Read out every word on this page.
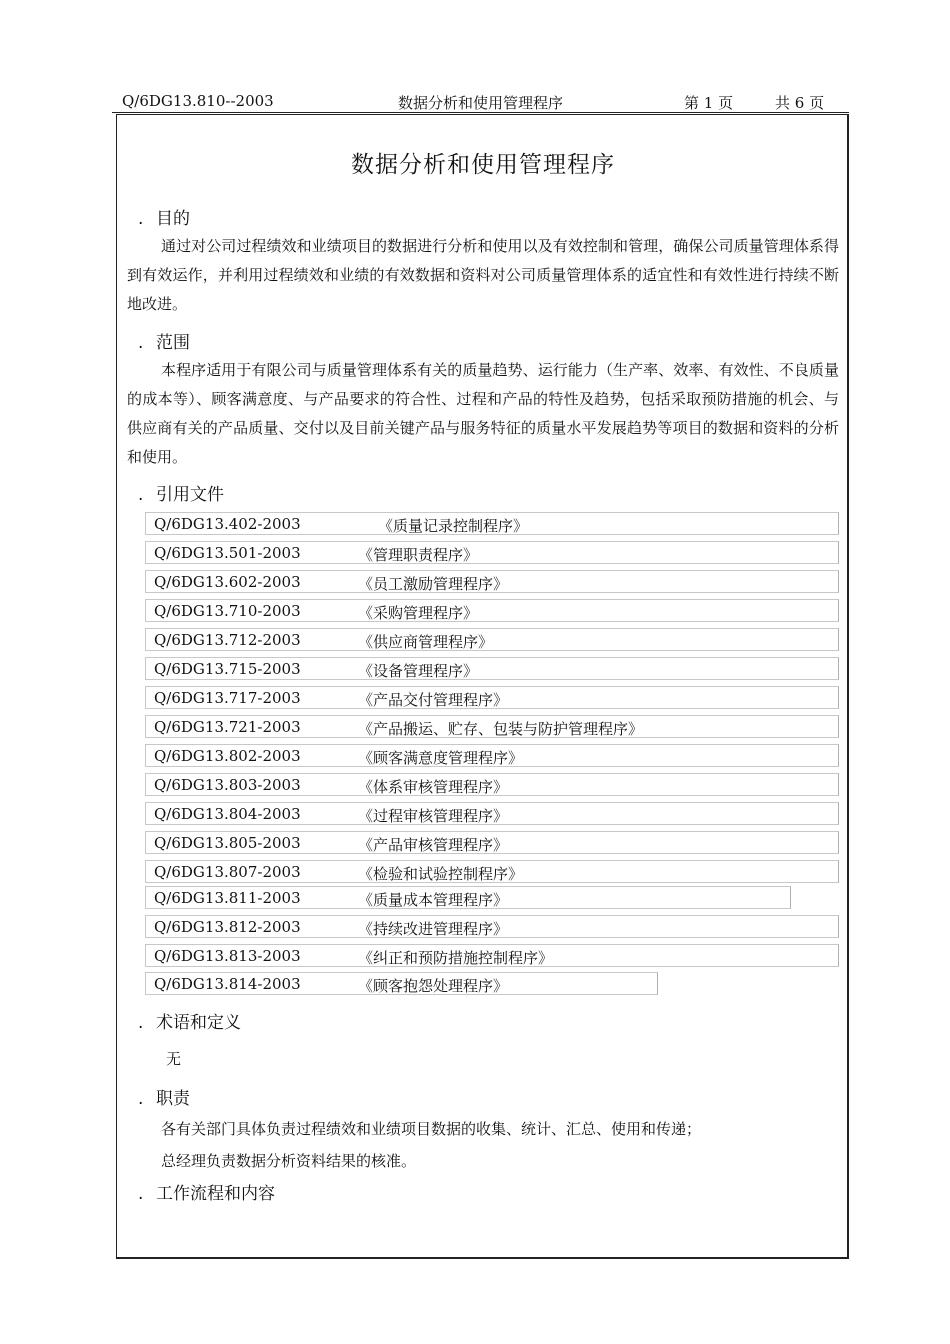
Q/6DG13.810--2003	数据分析和使用管理程序	第 1 页	共 6 页
数据分析和使用管理程序
. 目的

通过对公司过程绩效和业绩项目的数据进行分析和使用以及有效控制和管理，确保公司质量管理体系得到有效运作，并利用过程绩效和业绩的有效数据和资料对公司质量管理体系的适宜性和有效性进行持续不断地改进。

. 范围

本程序适用于有限公司与质量管理体系有关的质量趋势、运行能力（生产率、效率、有效性、不良质量的成本等）、顾客满意度、与产品要求的符合性、过程和产品的特性及趋势，包括采取预防措施的机会、与供应商有关的产品质量、交付以及目前关键产品与服务特征的质量水平发展趋势等项目的数据和资料的分析和使用。

. 引用文件
Q/6DG13.402-2003	《质量记录控制程序》
Q/6DG13.501-2003	《管理职责程序》
Q/6DG13.602-2003	《员工激励管理程序》
Q/6DG13.710-2003	《采购管理程序》
Q/6DG13.712-2003	《供应商管理程序》
Q/6DG13.715-2003	《设备管理程序》
Q/6DG13.717-2003	《产品交付管理程序》
Q/6DG13.721-2003	《产品搬运、贮存、包装与防护管理程序》
Q/6DG13.802-2003	《顾客满意度管理程序》
Q/6DG13.803-2003	《体系审核管理程序》
Q/6DG13.804-2003	《过程审核管理程序》
Q/6DG13.805-2003	《产品审核管理程序》
Q/6DG13.807-2003	《检验和试验控制程序》
Q/6DG13.811-2003	《质量成本管理程序》
Q/6DG13.812-2003	《持续改进管理程序》
Q/6DG13.813-2003	《纠正和预防措施控制程序》
Q/6DG13.814-2003	《顾客抱怨处理程序》
. 术语和定义
无
. 职责
各有关部门具体负责过程绩效和业绩项目数据的收集、统计、汇总、使用和传递；
总经理负责数据分析资料结果的核准。
. 工作流程和内容
